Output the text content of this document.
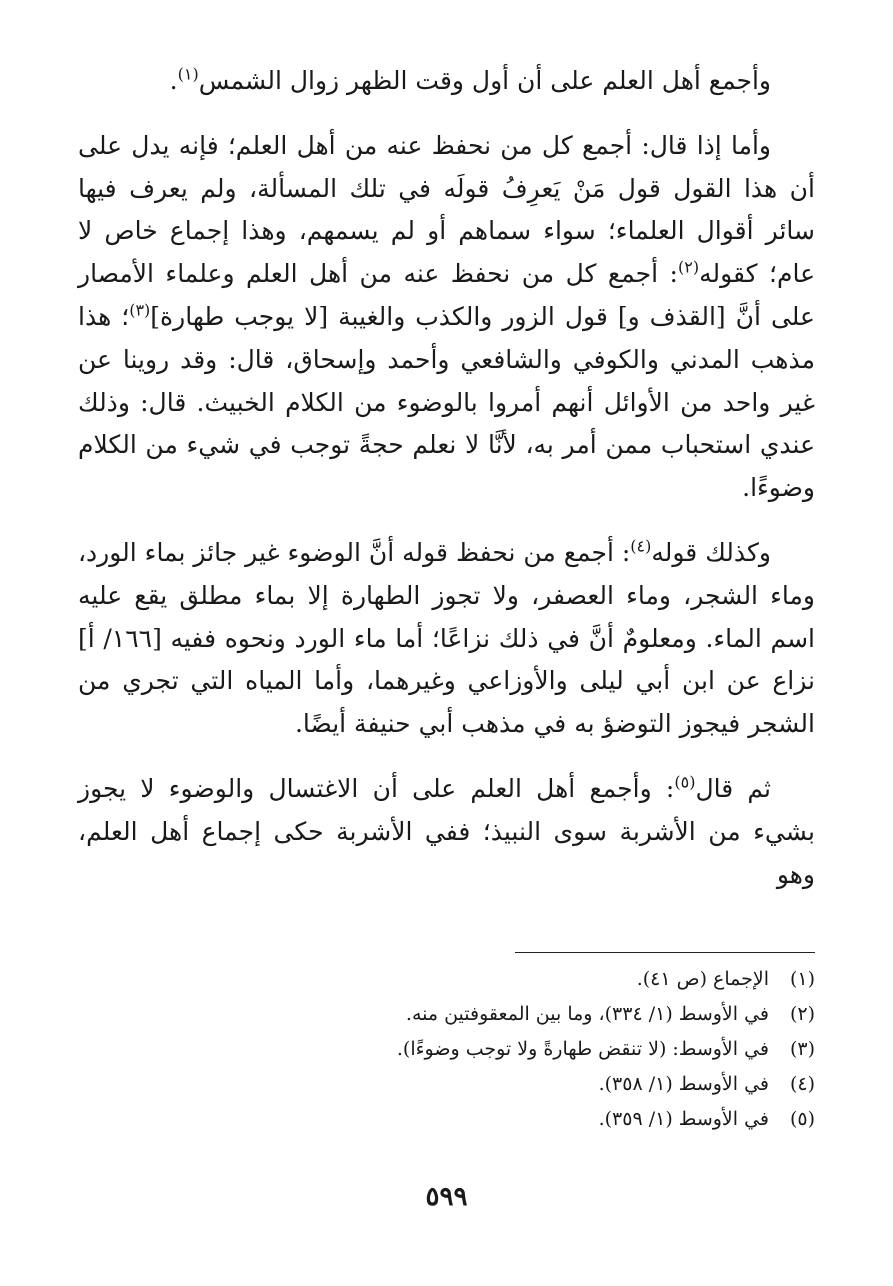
وأجمع أهل العلم على أن أول وقت الظهر زوال الشمس$^{(١)}$.

وأما إذا قال: أجمع كل من نحفظ عنه من أهل العلم؛ فإنه يدل على أن هذا القول قول مَنْ يَعرِفُ قولَه في تلك المسألة، ولم يعرف فيها سائر أقوال العلماء؛ سواء سماهم أو لم يسمهم، وهذا إجماع خاص لا عام؛ كقوله$^{(٢)}$: أجمع كل من نحفظ عنه من أهل العلم وعلماء الأمصار على أنَّ [القذف و] قول الزور والكذب والغيبة [لا يوجب طهارة]$^{(٣)}$؛ هذا مذهب المدني والكوفي والشافعي وأحمد وإسحاق، قال: وقد روينا عن غير واحد من الأوائل أنهم أمروا بالوضوء من الكلام الخبيث. قال: وذلك عندي استحباب ممن أمر به، لأنَّا لا نعلم حجةً توجب في شيء من الكلام وضوءًا.

وكذلك قوله$^{(٤)}$: أجمع من نحفظ قوله أنَّ الوضوء غير جائز بماء الورد، وماء الشجر، وماء العصفر، ولا تجوز الطهارة إلا بماء مطلق يقع عليه اسم الماء. ومعلومٌ أنَّ في ذلك نزاعًا؛ أما ماء الورد ونحوه ففيه [١٦٦/ أ] نزاع عن ابن أبي ليلى والأوزاعي وغيرهما، وأما المياه التي تجري من الشجر فيجوز التوضؤ به في مذهب أبي حنيفة أيضًا.

ثم قال$^{(٥)}$: وأجمع أهل العلم على أن الاغتسال والوضوء لا يجوز بشيء من الأشربة سوى النبيذ؛ ففي الأشربة حكى إجماع أهل العلم، وهو

(١)
الإجماع (ص ٤١).
(٢)
في الأوسط (١/ ٣٣٤)، وما بين المعقوفتين منه.
(٣)
في الأوسط: (لا تنقض طهارةً ولا توجب وضوءًا).
(٤)
في الأوسط (١/ ٣٥٨).
(٥)
في الأوسط (١/ ٣٥٩).
٥٩٩
